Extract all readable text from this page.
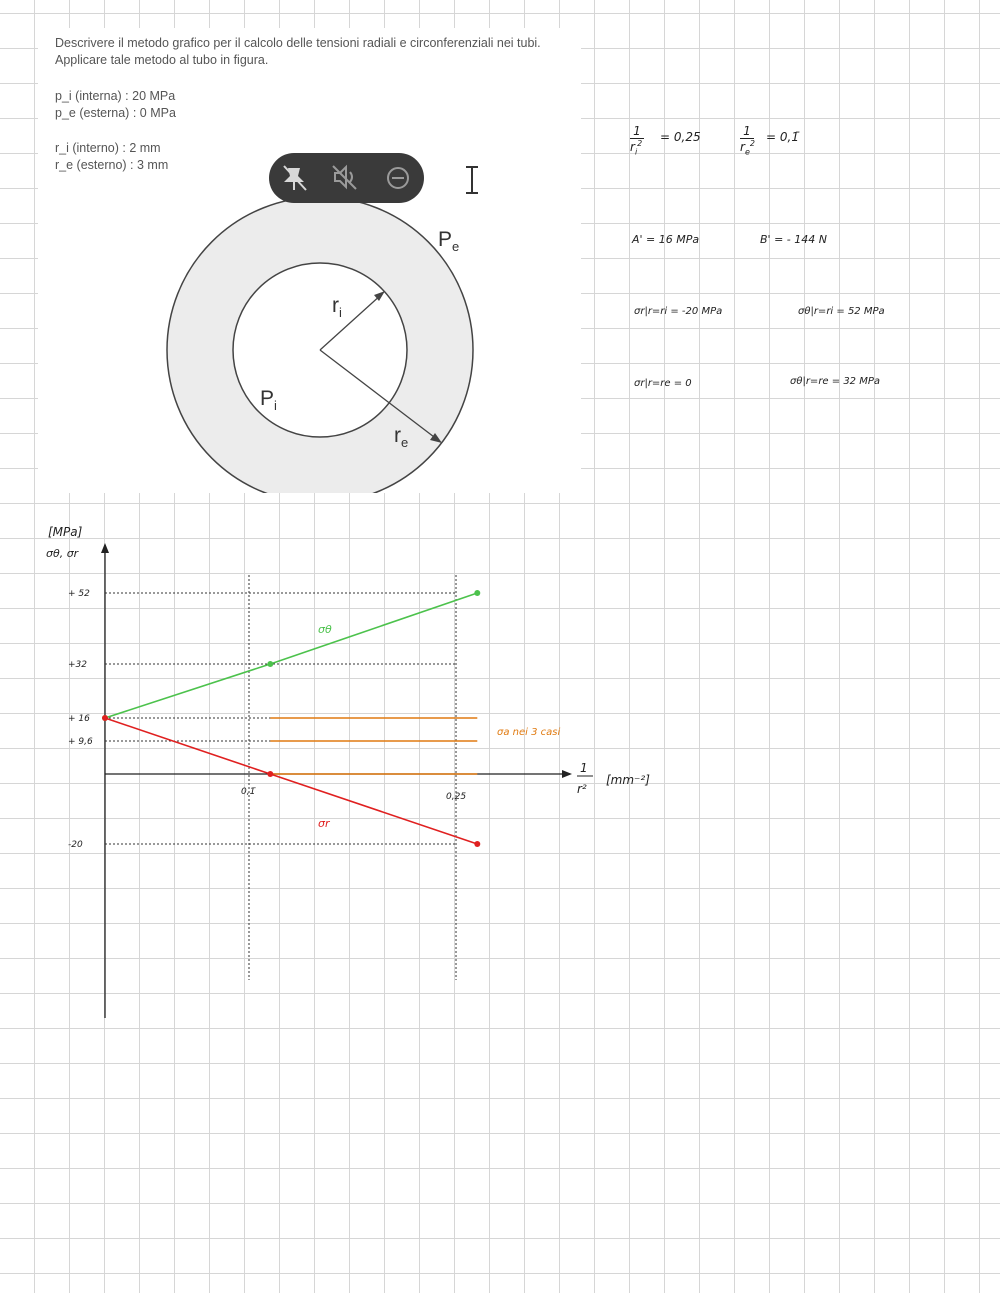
Descrivere il metodo grafico per il calcolo delle tensioni radiali e circonferenziali nei tubi.
Applicare tale metodo al tubo in figura.
p_i (interna) : 20 MPa
p_e (esterna) : 0 MPa
r_i (interno) : 2 mm
r_e (esterno) : 3 mm
$P_e$
$r_i$
$P_i$
$r_e$
1
$r_i^2$	= 0,25	1
$r_e^2$ = 0,1̄
A' = 16 MPa	B' = - 144 N
σr|r=ri = -20 MPa	σθ|r=ri = 52 MPa
σr|r=re = 0	σθ|r=re = 32 MPa
+ 52
+32
+ 16
+ 9,6
-20
0,1̄	0,25
[MPa]
σθ, σr
1
r²
[mm⁻²]
σa nei 3 casi
σθ
σr
